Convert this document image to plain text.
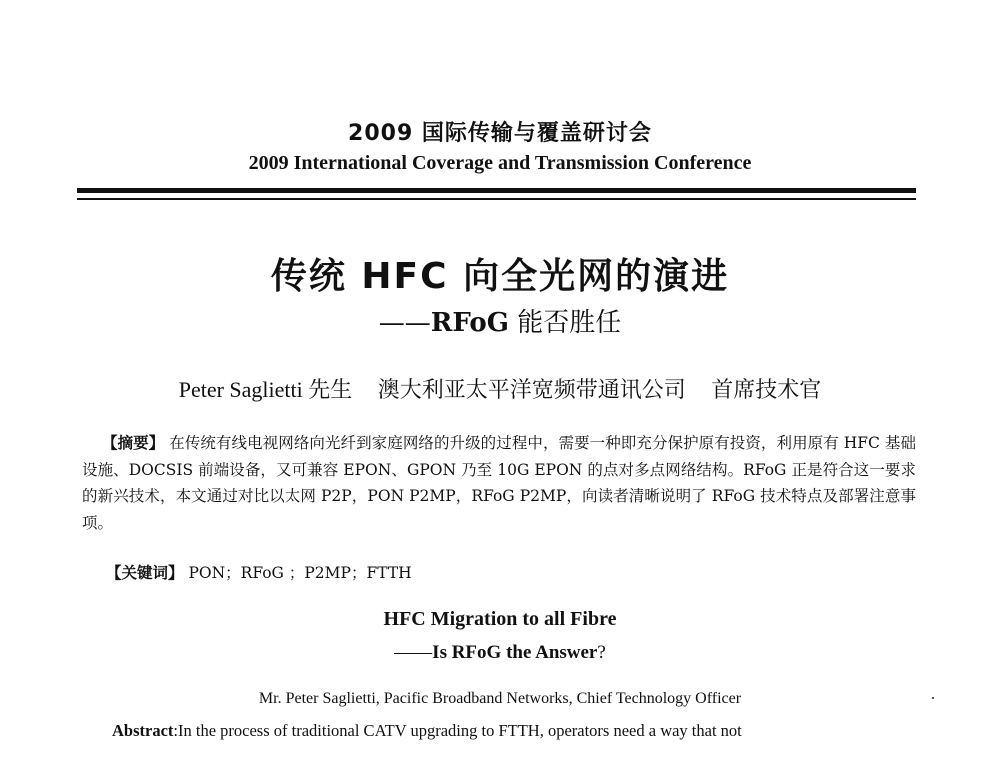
2009 国际传输与覆盖研讨会
2009 International Coverage and Transmission Conference
传统 HFC 向全光网的演进
——RFoG 能否胜任
Peter Saglietti 先生 澳大利亚太平洋宽频带通讯公司 首席技术官
【摘要】 在传统有线电视网络向光纤到家庭网络的升级的过程中，需要一种即充分保护原有投资，利用原有 HFC 基础设施、DOCSIS 前端设备，又可兼容 EPON、GPON 乃至 10G EPON 的点对多点网络结构。RFoG 正是符合这一要求的新兴技术，本文通过对比以太网 P2P，PON P2MP，RFoG P2MP，向读者清晰说明了 RFoG 技术特点及部署注意事项。
【关键词】 PON；RFoG ；P2MP；FTTH
HFC Migration to all Fibre
——Is RFoG the Answer?
Mr. Peter Saglietti, Pacific Broadband Networks, Chief Technology Officer
Abstract:In the process of traditional CATV upgrading to FTTH, operators need a way that not
